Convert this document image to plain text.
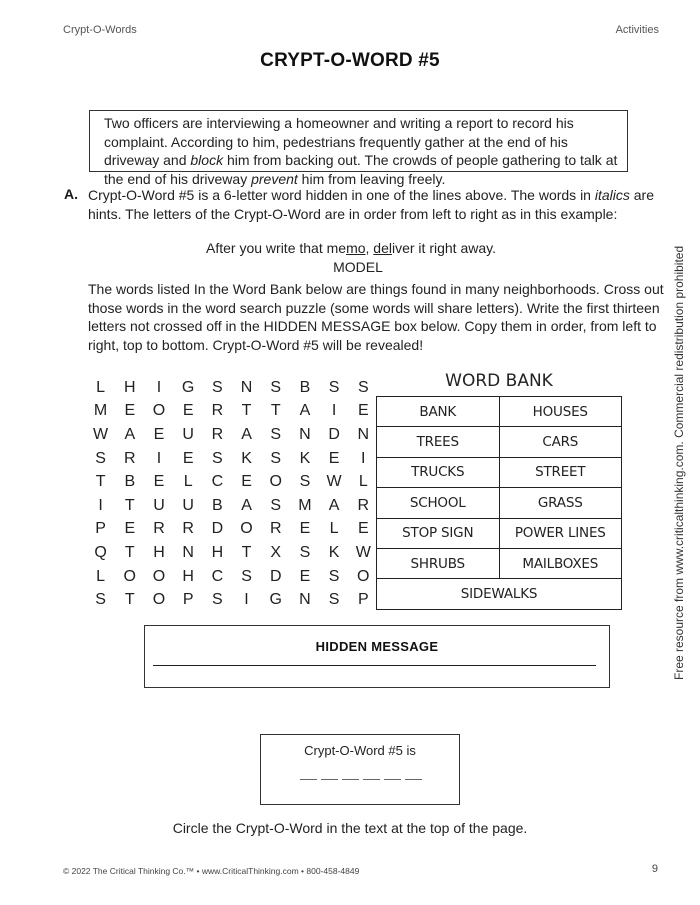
Crypt-O-Words	Activities
CRYPT-O-WORD #5
Two officers are interviewing a homeowner and writing a report to record his complaint. According to him, pedestrians frequently gather at the end of his driveway and block him from backing out. The crowds of people gathering to talk at the end of his driveway prevent him from leaving freely.
A. Crypt-O-Word #5 is a 6-letter word hidden in one of the lines above. The words in italics are hints. The letters of the Crypt-O-Word are in order from left to right as in this example:
After you write that memo, deliver it right away.
MODEL
The words listed In the Word Bank below are things found in many neighborhoods. Cross out those words in the word search puzzle (some words will share letters). Write the first thirteen letters not crossed off in the HIDDEN MESSAGE box below. Copy them in order, from left to right, top to bottom. Crypt-O-Word #5 will be revealed!
L	H	I	G	S	N	S	B	S	S
M	E	O	E	R	T	T	A	I	E
W	A	E	U	R	A	S	N	D	N
S	R	I	E	S	K	S	K	E	I
T	B	E	L	C	E	O	S	W	L
I	T	U	U	B	A	S	M	A	R
P	E	R	R	D	O	R	E	L	E
Q	T	H	N	H	T	X	S	K	W
L	O	O	H	C	S	D	E	S	O
S	T	O	P	S	I	G	N	S	P
WORD BANK
BANK	HOUSES
TREES	CARS
TRUCKS	STREET
SCHOOL	GRASS
STOP SIGN	POWER LINES
SHRUBS	MAILBOXES
SIDEWALKS	
HIDDEN MESSAGE
Crypt-O-Word #5 is
Circle the Crypt-O-Word in the text at the top of the page.
© 2022 The Critical Thinking Co.™ • www.CriticalThinking.com • 800-458-4849	9
Free resource from www.criticalthinking.com. Commercial redistribution prohibited
